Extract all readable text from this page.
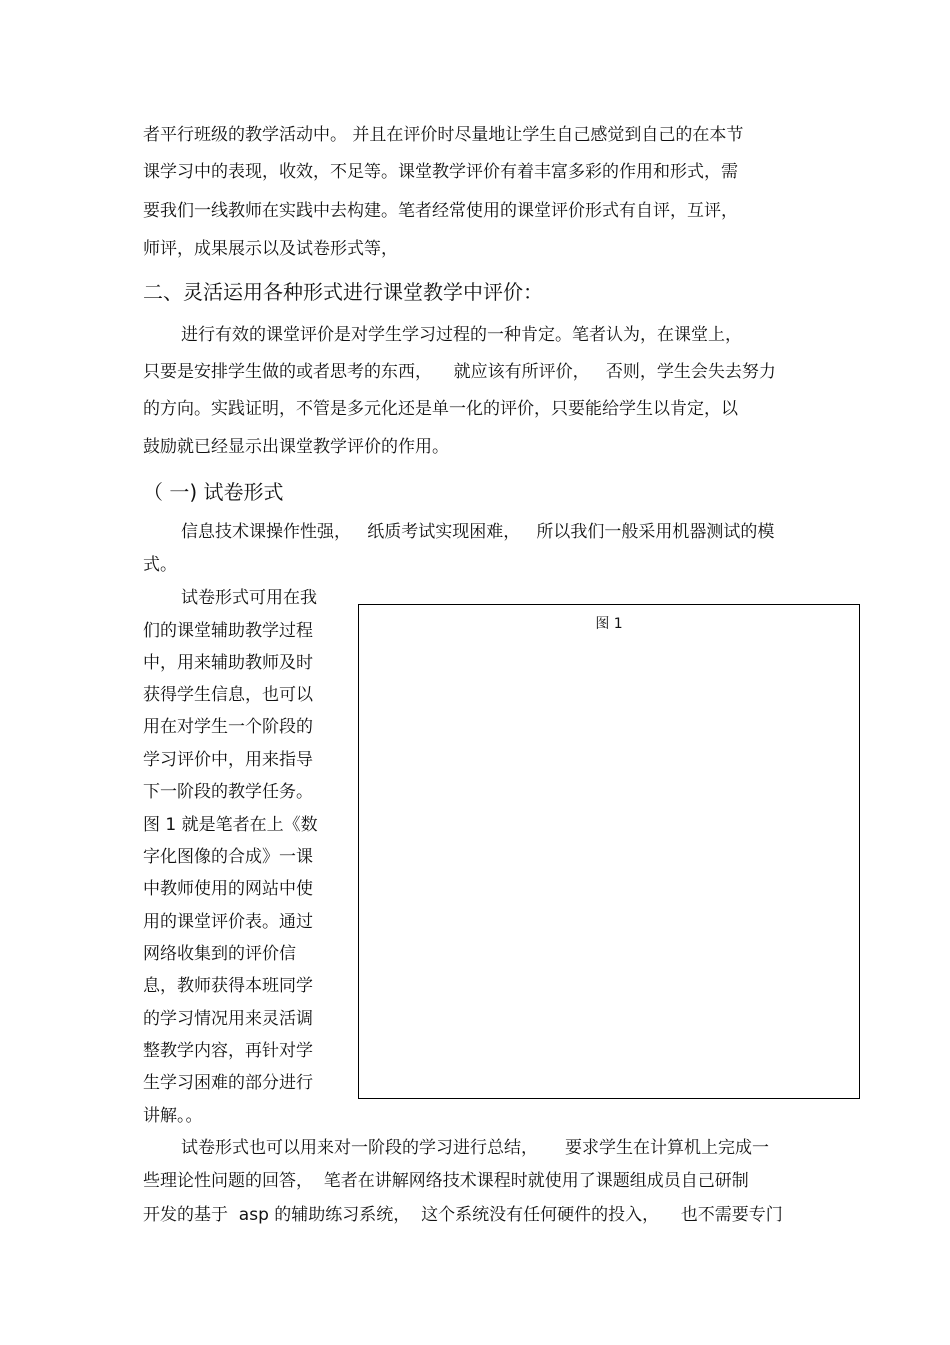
者平行班级的教学活动中。 并且在评价时尽量地让学生自己感觉到自己的在本节
课学习中的表现，收效，不足等。课堂教学评价有着丰富多彩的作用和形式，需
要我们一线教师在实践中去构建。笔者经常使用的课堂评价形式有自评，互评，
师评，成果展示以及试卷形式等，
二、灵活运用各种形式进行课堂教学中评价：
进行有效的课堂评价是对学生学习过程的一种肯定。笔者认为，在课堂上，
只要是安排学生做的或者思考的东西，    就应该有所评价，   否则，学生会失去努力
的方向。实践证明，不管是多元化还是单一化的评价，只要能给学生以肯定，以
鼓励就已经显示出课堂教学评价的作用。
（ 一) 试卷形式
信息技术课操作性强，   纸质考试实现困难，   所以我们一般采用机器测试的模
式。
试卷形式可用在我
们的课堂辅助教学过程
中，用来辅助教师及时
获得学生信息，也可以
用在对学生一个阶段的
学习评价中，用来指导
下一阶段的教学任务。
图 1 就是笔者在上《数
字化图像的合成》一课
中教师使用的网站中使
用的课堂评价表。通过
网络收集到的评价信
息，教师获得本班同学
的学习情况用来灵活调
整教学内容，再针对学
生学习困难的部分进行
讲解。。
图 1
试卷形式也可以用来对一阶段的学习进行总结，     要求学生在计算机上完成一
些理论性问题的回答，  笔者在讲解网络技术课程时就使用了课题组成员自己研制
开发的基于  asp 的辅助练习系统，  这个系统没有任何硬件的投入，    也不需要专门
